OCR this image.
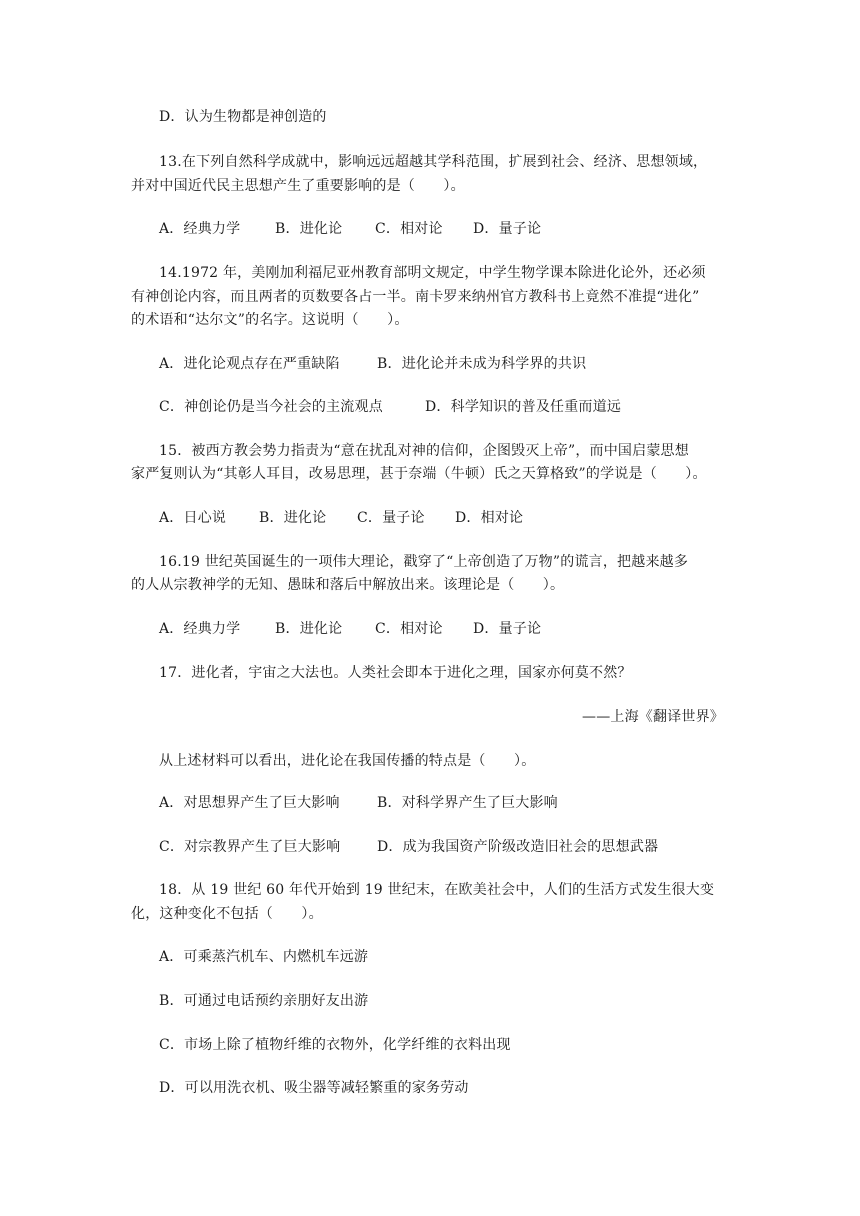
D．认为生物都是神创造的
13.在下列自然科学成就中，影响远远超越其学科范围，扩展到社会、经济、思想领域，
并对中国近代民主思想产生了重要影响的是（　　）。
A．经典力学 B．进化论 C．相对论 D．量子论
14.1972 年，美刚加利福尼亚州教育部明文规定，中学生物学课本除进化论外，还必须
有神创论内容，而且两者的页数要各占一半。南卡罗来纳州官方教科书上竟然不准提“进化”
的术语和“达尔文”的名字。这说明（　　）。
A．进化论观点存在严重缺陷	B．进化论并未成为科学界的共识
C．神创论仍是当今社会的主流观点	D．科学知识的普及任重而道远
15．被西方教会势力指责为“意在扰乱对神的信仰，企图毁灭上帝”，而中国启蒙思想
家严复则认为“其彰人耳目，改易思理，甚于奈端（牛顿）氏之天算格致”的学说是（　　）。
A．日心说 B．进化论 C．量子论 D．相对论
16.19 世纪英国诞生的一项伟大理论，戳穿了“上帝创造了万物”的谎言，把越来越多
的人从宗教神学的无知、愚昧和落后中解放出来。该理论是（　　）。
A．经典力学 B．进化论 C．相对论 D．量子论
17．进化者，宇宙之大法也。人类社会即本于进化之理，国家亦何莫不然？
——上海《翻译世界》
从上述材料可以看出，进化论在我国传播的特点是（　　）。
A．对思想界产生了巨大影响	B．对科学界产生了巨大影响
C．对宗教界产生了巨大影响	D．成为我国资产阶级改造旧社会的思想武器
18．从 19 世纪 60 年代开始到 19 世纪末，在欧美社会中，人们的生活方式发生很大变
化，这种变化不包括（　　）。
A．可乘蒸汽机车、内燃机车远游
B．可通过电话预约亲朋好友出游
C．市场上除了植物纤维的衣物外，化学纤维的衣料出现
D．可以用洗衣机、吸尘器等减轻繁重的家务劳动
